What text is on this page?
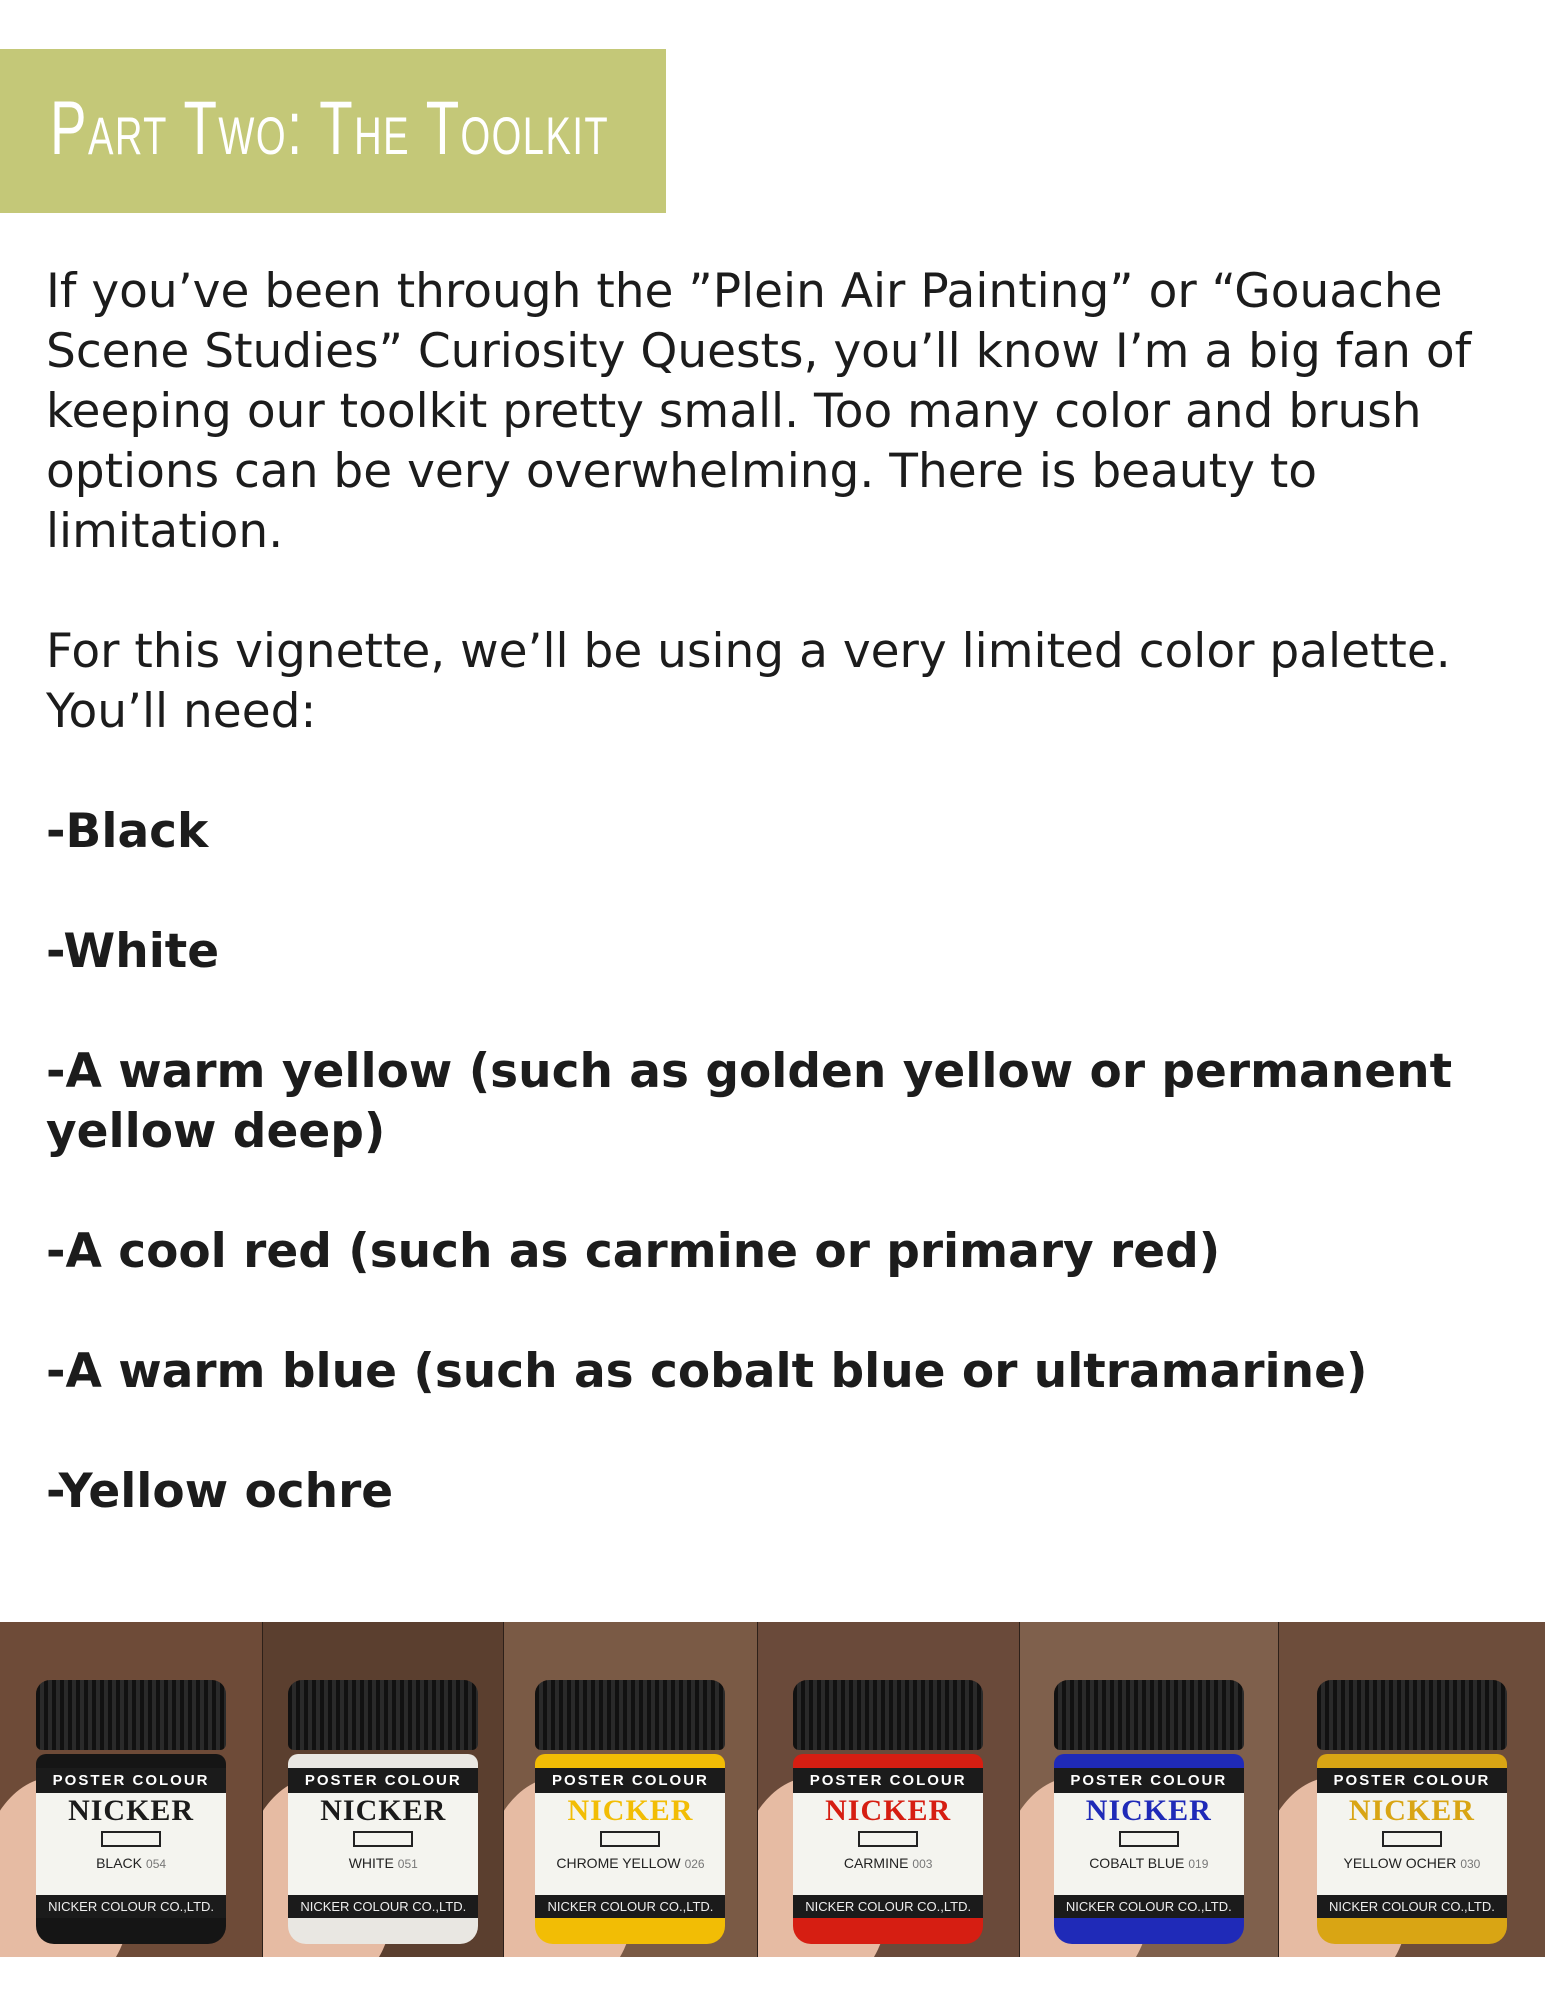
Part Two: The Toolkit

If you’ve been through the ”Plein Air Painting” or “Gouache Scene Studies” Curiosity Quests, you’ll know I’m a big fan of keeping our toolkit pretty small. Too many color and brush options can be very overwhelming. There is beauty to limitation.

For this vignette, we’ll be using a very limited color palette. You’ll need:

-Black
-White
-A warm yellow (such as golden yellow or permanent yellow deep)
-A cool red (such as carmine or primary red)
-A warm blue (such as cobalt blue or ultramarine)
-Yellow ochre
POSTER COLOUR
NICKER
BLACK 054
NICKER COLOUR CO.,LTD.
POSTER COLOUR
NICKER
WHITE 051
NICKER COLOUR CO.,LTD.
POSTER COLOUR
NICKER
CHROME YELLOW 026
NICKER COLOUR CO.,LTD.
POSTER COLOUR
NICKER
CARMINE 003
NICKER COLOUR CO.,LTD.
POSTER COLOUR
NICKER
COBALT BLUE 019
NICKER COLOUR CO.,LTD.
POSTER COLOUR
NICKER
YELLOW OCHER 030
NICKER COLOUR CO.,LTD.
